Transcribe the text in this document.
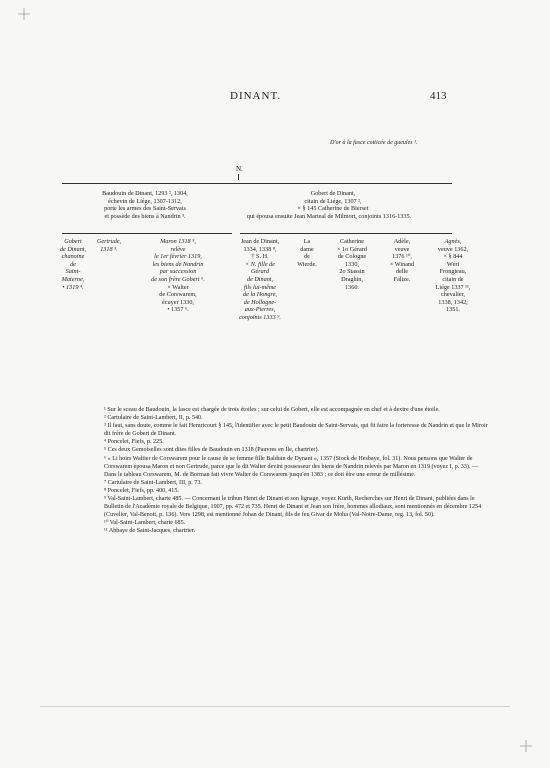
DINANT.	413
D'or à la fasce cotticée de gueules ¹.
N.
Baudouin de Dinant, 1293 ², 1304,
échevin de Liége, 1307-1312,
porte les armes des Saint-Servais
et possède des biens à Nandrin ³.
Gobert de Dinant,
citain de Liége, 1307 ²,
× § 145 Catherine de Bierset
qui épousa ensuite Jean Marteal de Milmort, conjoints 1316-1335.
Gobert
de Dinant,
chanoine
de
Saint-
Materne,
• 1319 ⁴.
Gertrude,
1318 ⁵.
Maron 1318 ⁵,
relève
le 1er février 1319,
les biens de Nandrin
par succession
de son frère Gobert ⁶.
× Walter
de Corswarem,
écuyer 1330,
• 1357 ⁶.
Jean de Dinant,
1334, 1338 ⁸,
† S. H.
× N. fille de
Gérard
de Dinant,
fils lui-même
de la Hongre,
de Hollogne-
aux-Pierres,
conjoints 1333 ⁹.
La
dame
de
Wierde.
Catherine
× 1o Gérard
de Cologne
1330,
2o Stassin
Draghin,
1360.
Adèle,
veuve
1376 ¹⁰,
× Winand
delle
Falize.
Agnès,
veuve 1362,
× § 844
Wéri
Frongteau,
citain de
Liége 1337 ¹¹,
chevalier,
1338, 1342,
1351.

¹ Sur le sceau de Baudouin, la fasce est chargée de trois étoiles ; sur celui de Gobert, elle est accompagnée en chef et à dextre d'une étoile.

² Cartulaire de Saint-Lambert, II, p. 540.

³ Il faut, sans doute, comme le fait Hemricourt § 145, l'identifier avec le petit Baudouin de Saint-Servais, qui fit faire la forteresse de Nandrin et que le Miroir dit frère de Gobert de Dinant.

⁴ Poncelet, Fiefs, p. 225.

⁵ Ces deux Gemoiselles sont dites filles de Baudouin en 1318 (Pauvres en Ile, chartrier).

⁶ « Li hoirs Waltier de Corswarem pour le cause de se femme fille Balduin de Dynant », 1357 (Stock de Hesbaye, fol. 31). Nous pensons que Walter de Corswarem épousa Maron et non Gertrude, parce que le dit Walter devint possesseur des biens de Nandrin relevés par Maron en 1319 (voyez I, p. 33). — Dans le tableau Corswarem, M. de Borman fait vivre Walter de Corswarem jusqu'en 1383 ; ce doit être une erreur de millésime.

⁷ Cartulaire de Saint-Lambert, III, p. 73.

⁸ Poncelet, Fiefs, pp. 400, 415.

⁹ Val-Saint-Lambert, charte 485. — Concernant le tribun Henri de Dinant et son lignage, voyez Kurth, Recherches sur Henri de Dinant, publiées dans le Bulletin de l'Académie royale de Belgique, 1907, pp. 472 et 735. Henri de Dinant et Jean son frère, hommes allodiaux, sont mentionnés en décembre 1254 (Cuvelier, Val-Benoit, p. 136). Vers 1298, est mentionné Johan de Dinant, fils de feu Givar de Moha (Val-Notre-Dame, reg. 13, fol. 50).

¹⁰ Val-Saint-Lambert, charte 685.

¹¹ Abbaye de Saint-Jacques, chartrier.
